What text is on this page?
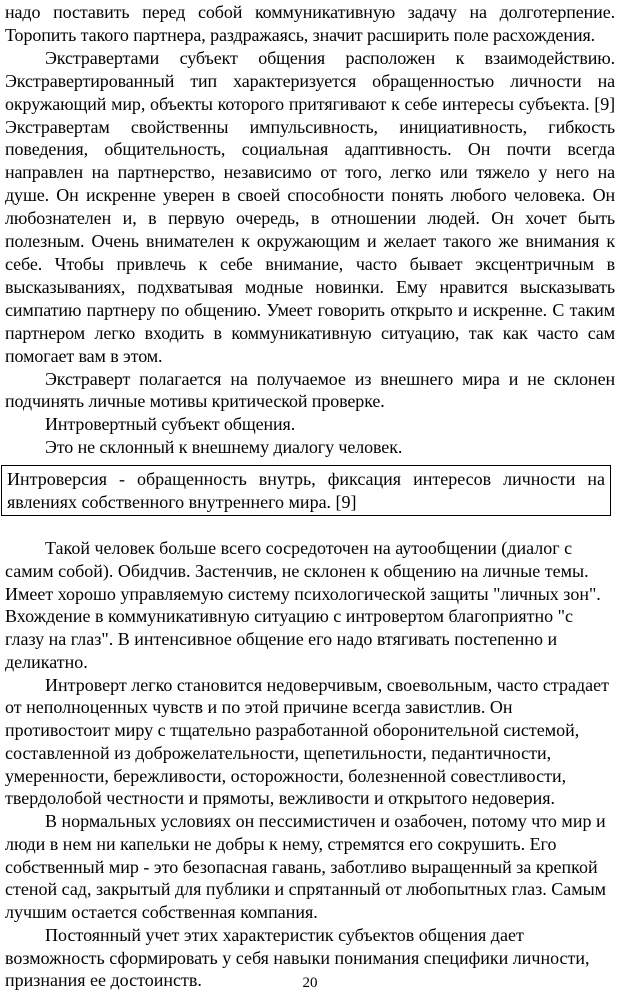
надо поставить перед собой коммуникативную задачу на долготерпение. Торопить такого партнера, раздражаясь, значит расширить поле расхождения.

Экстравертами субъект общения расположен к взаимодействию. Экстравертированный тип характеризуется обращенностью личности на окружающий мир, объекты которого притягивают к себе интересы субъекта. [9] Экстравертам свойственны импульсивность, инициативность, гибкость поведения, общительность, социальная адаптивность. Он почти всегда направлен на партнерство, независимо от того, легко или тяжело у него на душе. Он искренне уверен в своей способности понять любого человека. Он любознателен и, в первую очередь, в отношении людей. Он хочет быть полезным. Очень внимателен к окружающим и желает такого же внимания к себе. Чтобы привлечь к себе внимание, часто бывает эксцентричным в высказываниях, подхватывая модные новинки. Ему нравится высказывать симпатию партнеру по общению. Умеет говорить открыто и искренне. С таким партнером легко входить в коммуникативную ситуацию, так как часто сам помогает вам в этом.

Экстраверт полагается на получаемое из внешнего мира и не склонен подчинять личные мотивы критической проверке.

Интровертный субъект общения.

Это не склонный к внешнему диалогу человек.

Интроверсия - обращенность внутрь, фиксация интересов личности на явлениях собственного внутреннего мира. [9]

Такой человек больше всего сосредоточен на аутообщении (диалог с самим собой). Обидчив. Застенчив, не склонен к общению на личные темы. Имеет хорошо управляемую систему психологической защиты "личных зон". Вхождение в коммуникативную ситуацию с интровертом благоприятно "с глазу на глаз". В интенсивное общение его надо втягивать постепенно и деликатно.

Интроверт легко становится недоверчивым, своевольным, часто страдает от неполноценных чувств и по этой причине всегда завистлив. Он противостоит миру с тщательно разработанной оборонительной системой, составленной из доброжелательности, щепетильности, педантичности, умеренности, бережливости, осторожности, болезненной совестливости, твердолобой честности и прямоты, вежливости и открытого недоверия.

В нормальных условиях он пессимистичен и озабочен, потому что мир и люди в нем ни капельки не добры к нему, стремятся его сокрушить. Его собственный мир - это безопасная гавань, заботливо выращенный за крепкой стеной сад, закрытый для публики и спрятанный от любопытных глаз. Самым лучшим остается собственная компания.

Постоянный учет этих характеристик субъектов общения дает возможность сформировать у себя навыки понимания специфики личности, признания ее достоинств.	20
